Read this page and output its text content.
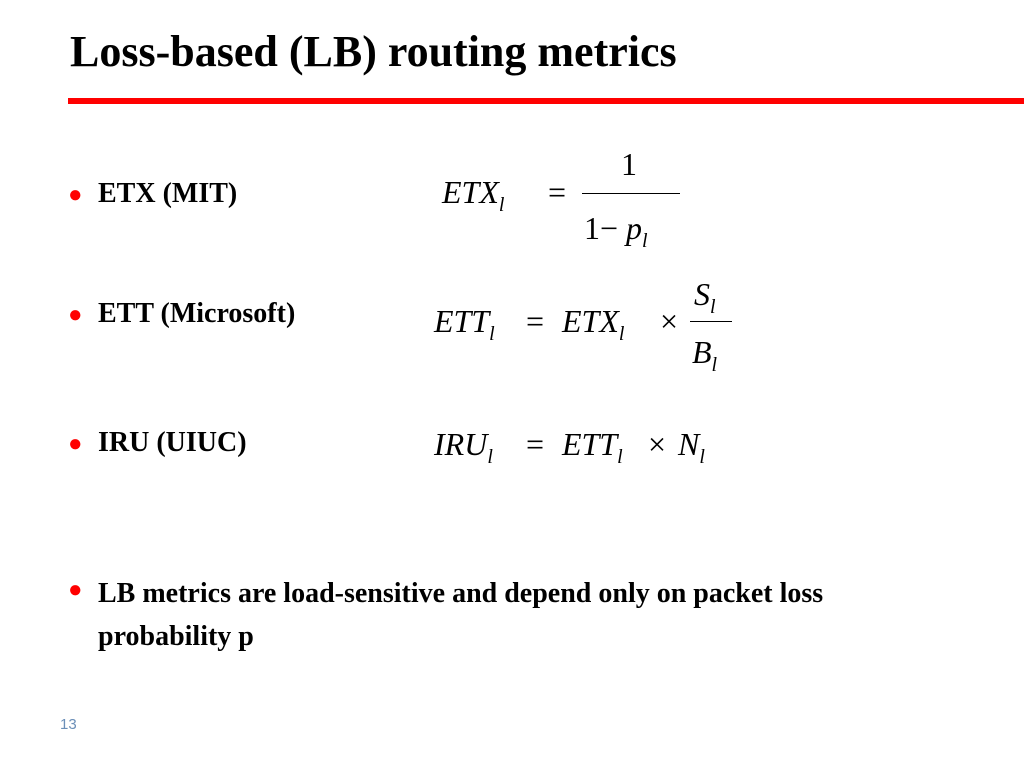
Loss-based (LB) routing metrics
● ETX (MIT)
● ETT (Microsoft)
● IRU (UIUC)
● LB metrics are load-sensitive and depend only on packet loss probability p
$ETX_l$ =
1
$1- p_l$
$ETT_l = ETX_l$ ×
$S_l$
$B_l$
$IRU_l = ETT_l \times N_l$
13
